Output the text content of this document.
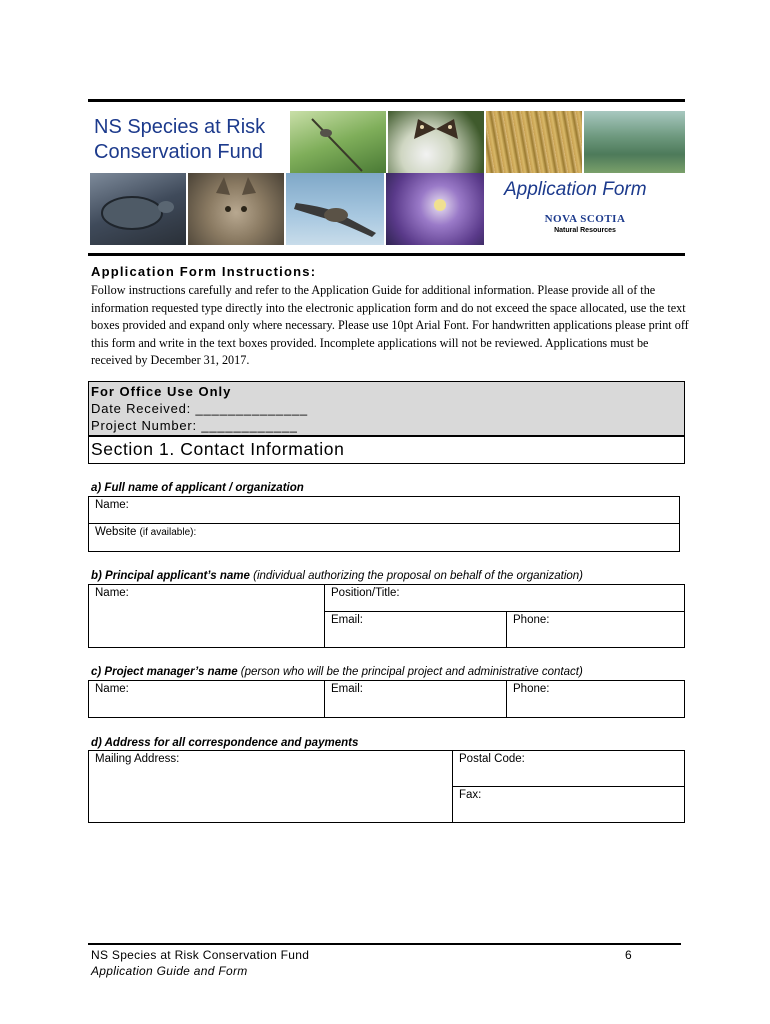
NS Species at Risk
Conservation Fund
Application Form
NOVA SCOTIA
Natural Resources
Application Form Instructions:

Follow instructions carefully and refer to the Application Guide for additional information. Please provide all of the information requested type directly into the electronic application form and do not exceed the space allocated, use the text boxes provided and expand only where necessary. Please use 10pt Arial Font. For handwritten applications please print off this form and write in the text boxes provided. Incomplete applications will not be reviewed. Applications must be received by December 31, 2017.

For Office Use Only
Date Received: ______________
Project Number: ____________
Section 1. Contact Information
a) Full name of applicant / organization
Name:
Website (if available):
b) Principal applicant’s name (individual authorizing the proposal on behalf of the organization)
Name:	Position/Title:
Email:	Phone:
c) Project manager’s name (person who will be the principal project and administrative contact)
Name:	Email:	Phone:
d) Address for all correspondence and payments
Mailing Address:	Postal Code:
Fax:
NS Species at Risk Conservation Fund
Application Guide and Form
6
